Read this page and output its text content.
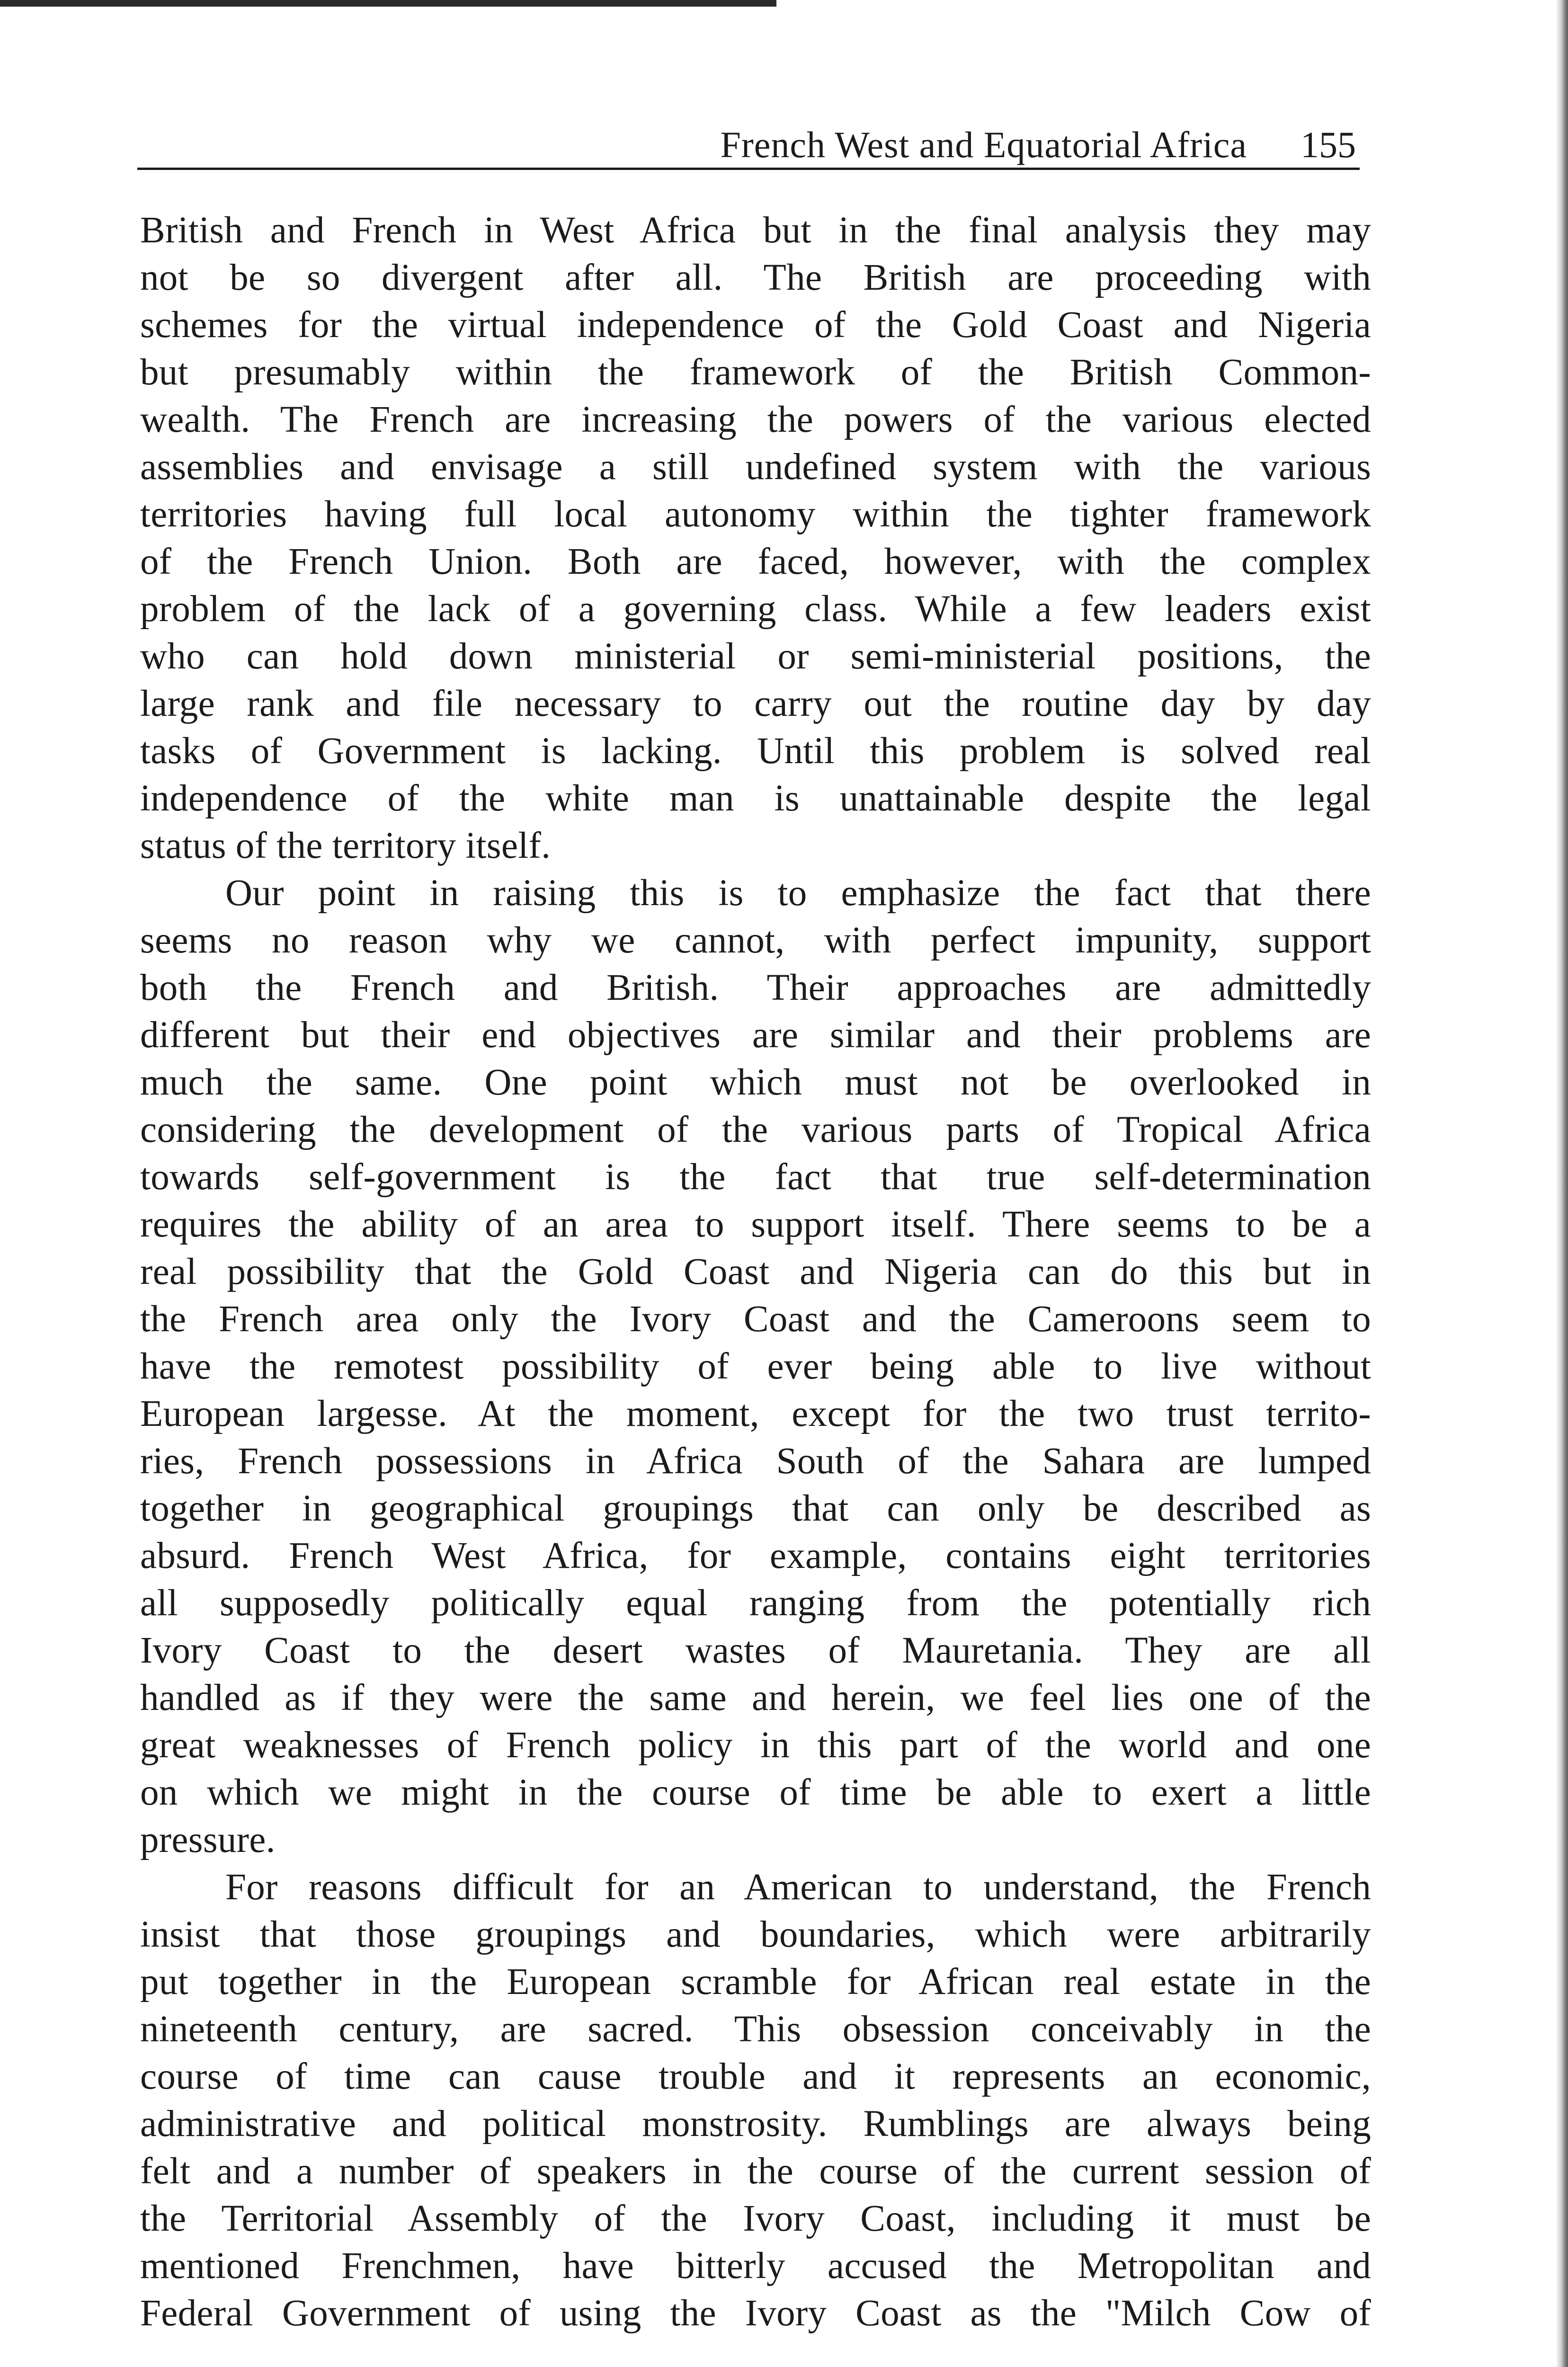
French West and Equatorial Africa 155
British and French in West Africa but in the final analysis they may
not be so divergent after all. The British are proceeding with
schemes for the virtual independence of the Gold Coast and Nigeria
but presumably within the framework of the British Common-
wealth. The French are increasing the powers of the various elected
assemblies and envisage a still undefined system with the various
territories having full local autonomy within the tighter framework
of the French Union. Both are faced, however, with the complex
problem of the lack of a governing class. While a few leaders exist
who can hold down ministerial or semi-ministerial positions, the
large rank and file necessary to carry out the routine day by day
tasks of Government is lacking. Until this problem is solved real
independence of the white man is unattainable despite the legal
status of the territory itself.
Our point in raising this is to emphasize the fact that there
seems no reason why we cannot, with perfect impunity, support
both the French and British. Their approaches are admittedly
different but their end objectives are similar and their problems are
much the same. One point which must not be overlooked in
considering the development of the various parts of Tropical Africa
towards self-government is the fact that true self-determination
requires the ability of an area to support itself. There seems to be a
real possibility that the Gold Coast and Nigeria can do this but in
the French area only the Ivory Coast and the Cameroons seem to
have the remotest possibility of ever being able to live without
European largesse. At the moment, except for the two trust territo-
ries, French possessions in Africa South of the Sahara are lumped
together in geographical groupings that can only be described as
absurd. French West Africa, for example, contains eight territories
all supposedly politically equal ranging from the potentially rich
Ivory Coast to the desert wastes of Mauretania. They are all
handled as if they were the same and herein, we feel lies one of the
great weaknesses of French policy in this part of the world and one
on which we might in the course of time be able to exert a little
pressure.
For reasons difficult for an American to understand, the French
insist that those groupings and boundaries, which were arbitrarily
put together in the European scramble for African real estate in the
nineteenth century, are sacred. This obsession conceivably in the
course of time can cause trouble and it represents an economic,
administrative and political monstrosity. Rumblings are always being
felt and a number of speakers in the course of the current session of
the Territorial Assembly of the Ivory Coast, including it must be
mentioned Frenchmen, have bitterly accused the Metropolitan and
Federal Government of using the Ivory Coast as the "Milch Cow of
